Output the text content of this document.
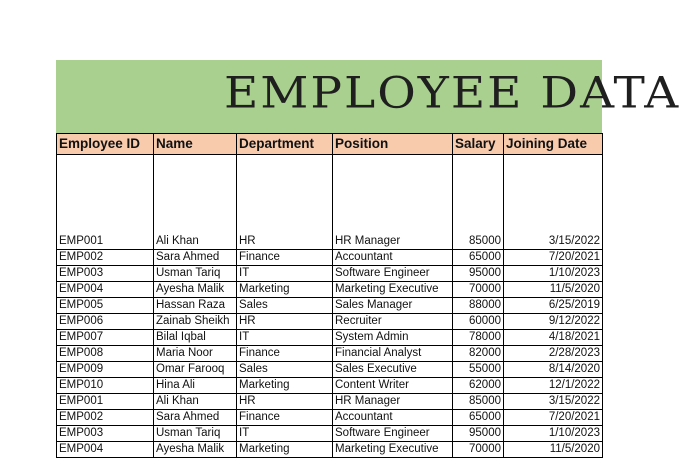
EMPLOYEE DATA
Employee ID	Name	Department	Position	Salary	Joining Date
EMP001	Ali Khan	HR	HR Manager	85000	3/15/2022
EMP002	Sara Ahmed	Finance	Accountant	65000	7/20/2021
EMP003	Usman Tariq	IT	Software Engineer	95000	1/10/2023
EMP004	Ayesha Malik	Marketing	Marketing Executive	70000	11/5/2020
EMP005	Hassan Raza	Sales	Sales Manager	88000	6/25/2019
EMP006	Zainab Sheikh	HR	Recruiter	60000	9/12/2022
EMP007	Bilal Iqbal	IT	System Admin	78000	4/18/2021
EMP008	Maria Noor	Finance	Financial Analyst	82000	2/28/2023
EMP009	Omar Farooq	Sales	Sales Executive	55000	8/14/2020
EMP010	Hina Ali	Marketing	Content Writer	62000	12/1/2022
EMP001	Ali Khan	HR	HR Manager	85000	3/15/2022
EMP002	Sara Ahmed	Finance	Accountant	65000	7/20/2021
EMP003	Usman Tariq	IT	Software Engineer	95000	1/10/2023
EMP004	Ayesha Malik	Marketing	Marketing Executive	70000	11/5/2020
